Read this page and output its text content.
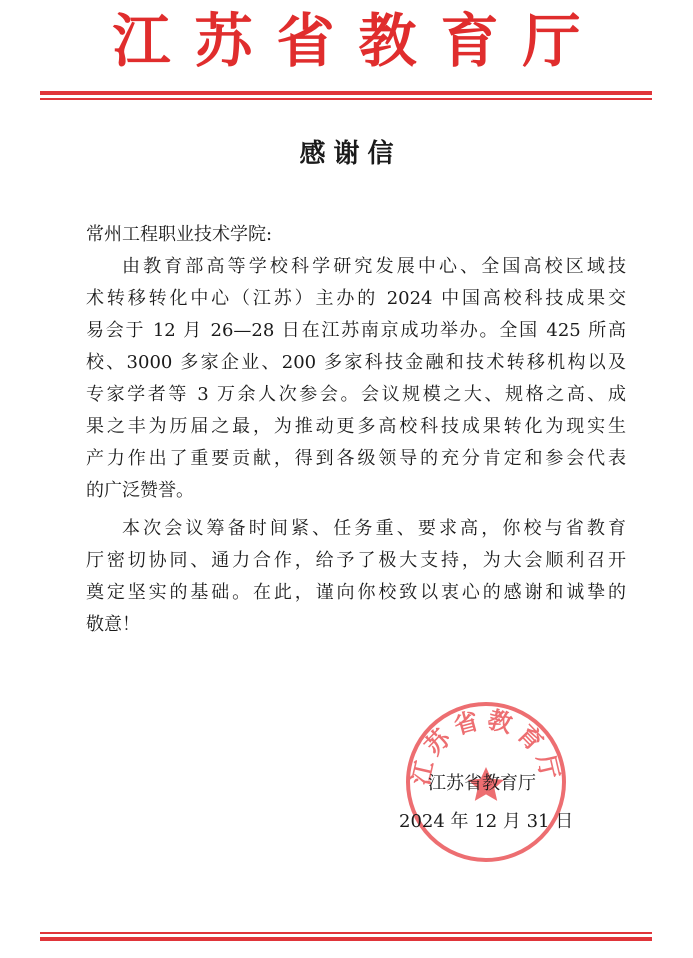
江苏省教育厅
感谢信
常州工程职业技术学院:
由教育部高等学校科学研究发展中心、全国高校区域技
术转移转化中心（江苏）主办的 2024 中国高校科技成果交
易会于 12 月 26—28 日在江苏南京成功举办。全国 425 所高
校、3000 多家企业、200 多家科技金融和技术转移机构以及
专家学者等 3 万余人次参会。会议规模之大、规格之高、成
果之丰为历届之最，为推动更多高校科技成果转化为现实生
产力作出了重要贡献，得到各级领导的充分肯定和参会代表
的广泛赞誉。
本次会议筹备时间紧、任务重、要求高，你校与省教育
厅密切协同、通力合作，给予了极大支持，为大会顺利召开
奠定坚实的基础。在此，谨向你校致以衷心的感谢和诚挚的
敬意！
江苏省教育厅
江苏省教育厅
2024 年 12 月 31 日
